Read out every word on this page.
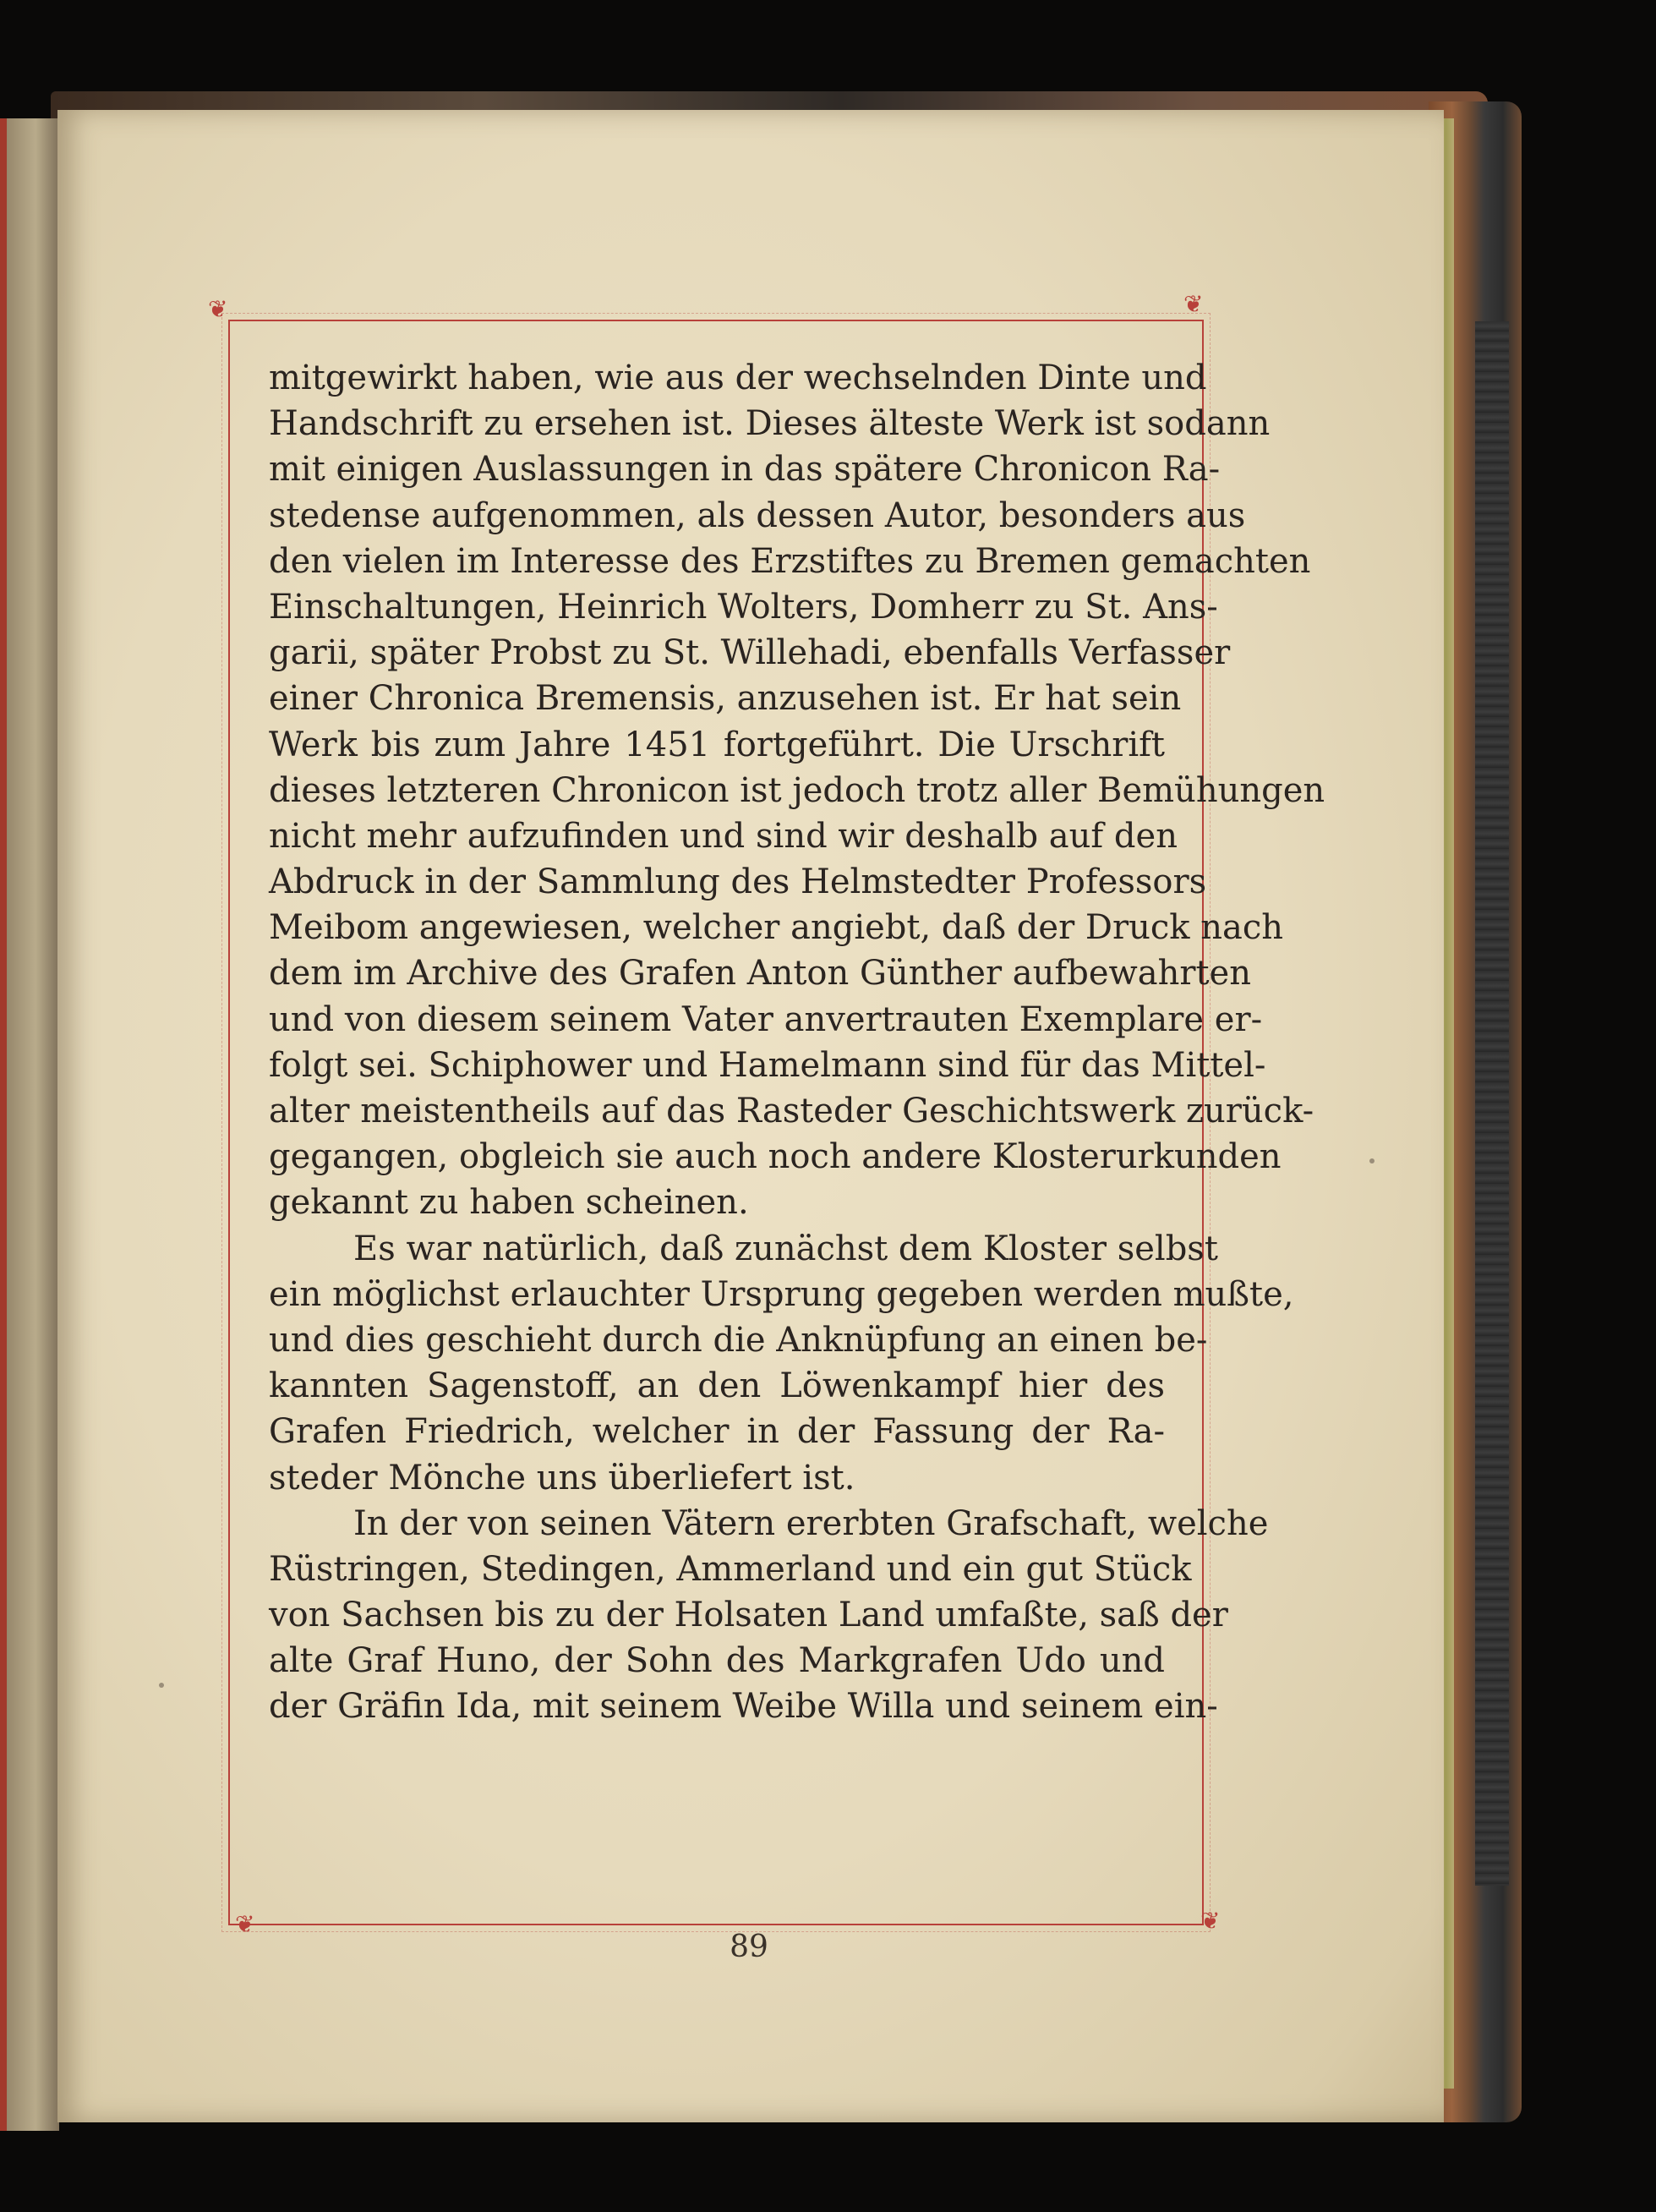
❦	❦
❦	❦
mitgewirkt haben, wie aus der wechselnden Dinte und
Handschrift zu ersehen ist. Dieses älteste Werk ist sodann
mit einigen Auslassungen in das spätere Chronicon Ra-
stedense aufgenommen, als dessen Autor, besonders aus
den vielen im Interesse des Erzstiftes zu Bremen gemachten
Einschaltungen, Heinrich Wolters, Domherr zu St. Ans-
garii, später Probst zu St. Willehadi, ebenfalls Verfasser
einer Chronica Bremensis, anzusehen ist. Er hat sein
Werk bis zum Jahre 1451 fortgeführt. Die Urschrift
dieses letzteren Chronicon ist jedoch trotz aller Bemühungen
nicht mehr aufzufinden und sind wir deshalb auf den
Abdruck in der Sammlung des Helmstedter Professors
Meibom angewiesen, welcher angiebt, daß der Druck nach
dem im Archive des Grafen Anton Günther aufbewahrten
und von diesem seinem Vater anvertrauten Exemplare er-
folgt sei. Schiphower und Hamelmann sind für das Mittel-
alter meistentheils auf das Rasteder Geschichtswerk zurück-
gegangen, obgleich sie auch noch andere Klosterurkunden
gekannt zu haben scheinen.
Es war natürlich, daß zunächst dem Kloster selbst
ein möglichst erlauchter Ursprung gegeben werden mußte,
und dies geschieht durch die Anknüpfung an einen be-
kannten Sagenstoff, an den Löwenkampf hier des
Grafen Friedrich, welcher in der Fassung der Ra-
steder Mönche uns überliefert ist.
In der von seinen Vätern ererbten Grafschaft, welche
Rüstringen, Stedingen, Ammerland und ein gut Stück
von Sachsen bis zu der Holsaten Land umfaßte, saß der
alte Graf Huno, der Sohn des Markgrafen Udo und
der Gräfin Ida, mit seinem Weibe Willa und seinem ein-
89
